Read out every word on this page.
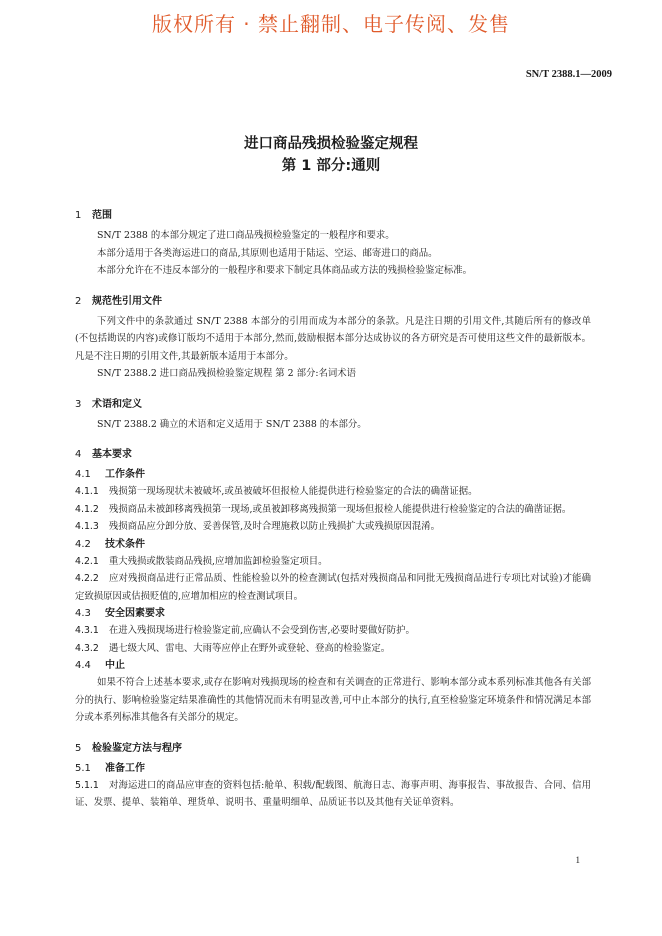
版权所有 · 禁止翻制、电子传阅、发售
SN/T 2388.1—2009
进口商品残损检验鉴定规程
第 1 部分:通则
1 范围
SN/T 2388 的本部分规定了进口商品残损检验鉴定的一般程序和要求。
本部分适用于各类海运进口的商品,其原则也适用于陆运、空运、邮寄进口的商品。
本部分允许在不违反本部分的一般程序和要求下制定具体商品或方法的残损检验鉴定标准。
2 规范性引用文件
下列文件中的条款通过 SN/T 2388 本部分的引用而成为本部分的条款。凡是注日期的引用文件,其随后所有的修改单(不包括勘误的内容)或修订版均不适用于本部分,然而,鼓励根据本部分达成协议的各方研究是否可使用这些文件的最新版本。凡是不注日期的引用文件,其最新版本适用于本部分。
SN/T 2388.2 进口商品残损检验鉴定规程 第 2 部分:名词术语
3 术语和定义
SN/T 2388.2 确立的术语和定义适用于 SN/T 2388 的本部分。
4 基本要求
4.1 工作条件
4.1.1 残损第一现场现状未被破坏,或虽被破坏但报检人能提供进行检验鉴定的合法的确凿证据。
4.1.2 残损商品未被卸移离残损第一现场,或虽被卸移离残损第一现场但报检人能提供进行检验鉴定的合法的确凿证据。
4.1.3 残损商品应分卸分放、妥善保管,及时合理施救以防止残损扩大或残损原因混淆。
4.2 技术条件
4.2.1 重大残损或散装商品残损,应增加监卸检验鉴定项目。
4.2.2 应对残损商品进行正常品质、性能检验以外的检查测试(包括对残损商品和同批无残损商品进行专项比对试验)才能确定致损原因或估损贬值的,应增加相应的检查测试项目。
4.3 安全因素要求
4.3.1 在进入残损现场进行检验鉴定前,应确认不会受到伤害,必要时要做好防护。
4.3.2 遇七级大风、雷电、大雨等应停止在野外或登轮、登高的检验鉴定。
4.4 中止
如果不符合上述基本要求,或存在影响对残损现场的检查和有关调查的正常进行、影响本部分或本系列标准其他各有关部分的执行、影响检验鉴定结果准确性的其他情况而未有明显改善,可中止本部分的执行,直至检验鉴定环境条件和情况满足本部分或本系列标准其他各有关部分的规定。
5 检验鉴定方法与程序
5.1 准备工作
5.1.1 对海运进口的商品应审查的资料包括:舱单、积载/配载图、航海日志、海事声明、海事报告、事故报告、合同、信用证、发票、提单、装箱单、理货单、说明书、重量明细单、品质证书以及其他有关证单资料。
1
